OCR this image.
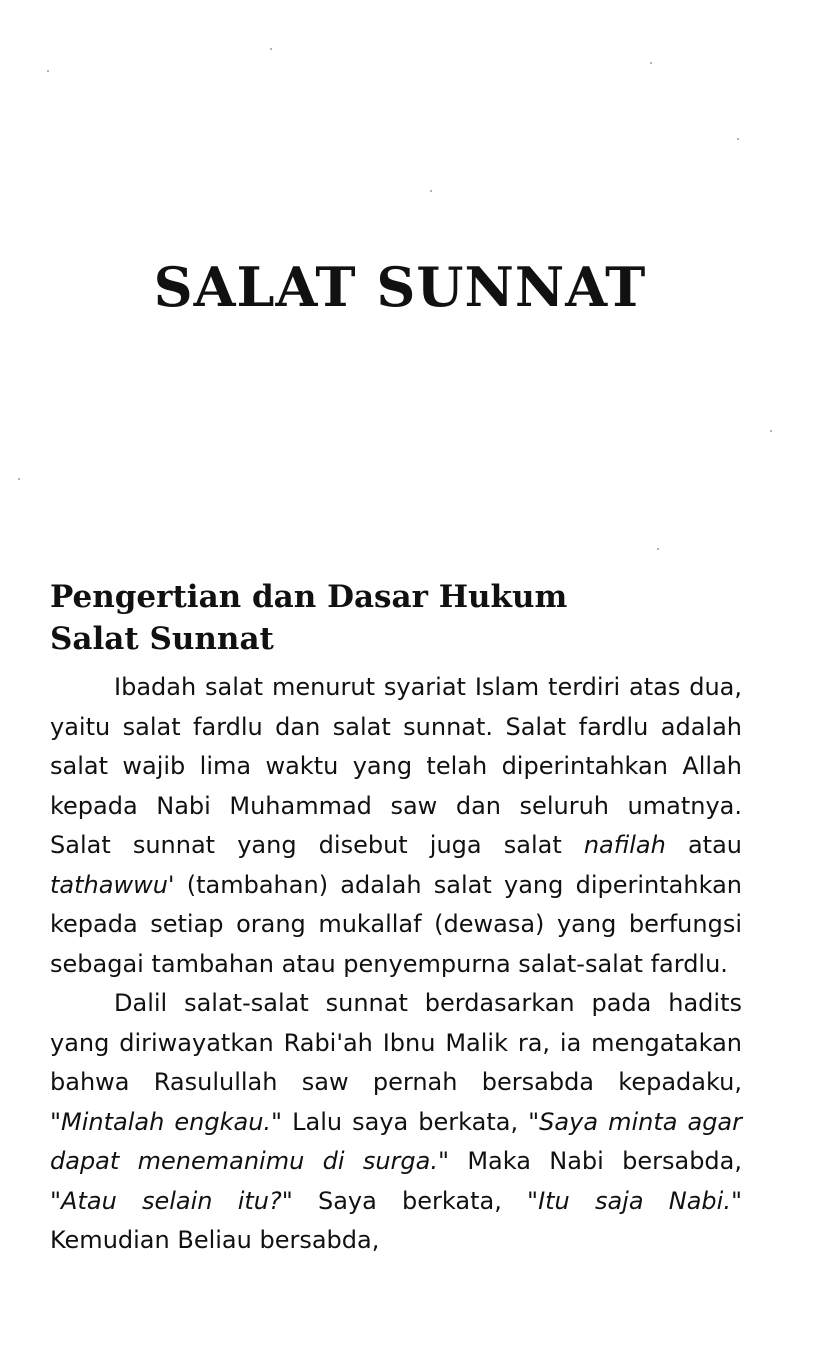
SALAT SUNNAT
Pengertian dan Dasar Hukum
Salat Sunnat

Ibadah salat menurut syariat Islam terdiri atas dua, yaitu salat fardlu dan salat sunnat. Salat fardlu adalah salat wajib lima waktu yang telah diperintahkan Allah kepada Nabi Muhammad saw dan seluruh umatnya. Salat sunnat yang disebut juga salat nafilah atau tathawwu' (tambahan) adalah salat yang diperintahkan kepada setiap orang mukallaf (dewasa) yang berfungsi sebagai tambahan atau penyempurna salat-salat fardlu.

Dalil salat-salat sunnat berdasarkan pada hadits yang diriwayatkan Rabi'ah Ibnu Malik ra, ia mengatakan bahwa Rasulullah saw pernah bersabda kepadaku, "Mintalah engkau." Lalu saya berkata, "Saya minta agar dapat menemanimu di surga." Maka Nabi bersabda, "Atau selain itu?" Saya berkata, "Itu saja Nabi." Kemudian Beliau bersabda,
